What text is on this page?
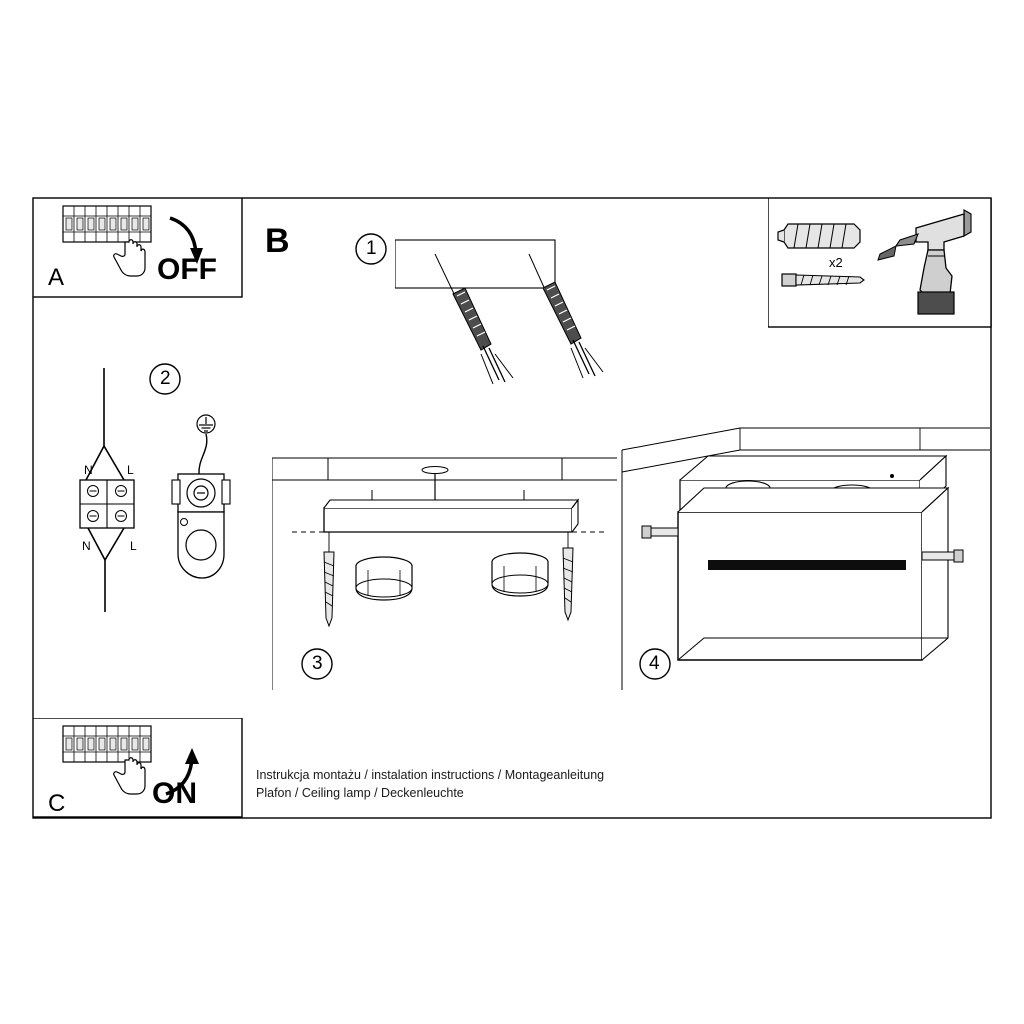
A	OFF
C	ON
x2
B	1
N	L
N	L
2
3	4
Instrukcja montażu / instalation instructions / Montageanleitung
Plafon / Ceiling lamp / Deckenleuchte
